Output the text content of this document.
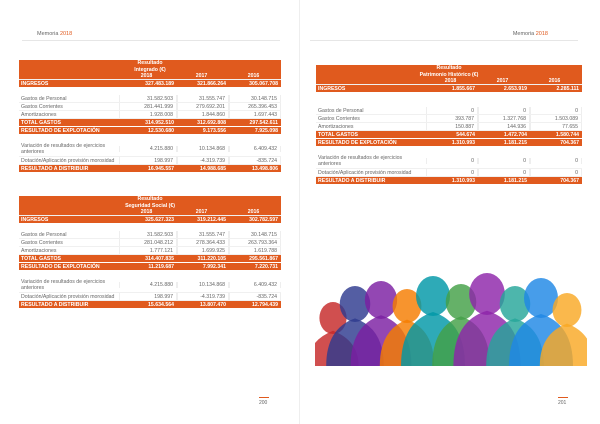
Memoria 2018
Resultado
Integrado (€)
2018	2017	2016
INGRESOS	327.483.189	321.866.264	305.067.708
Gastos de Personal	31.582.503	31.555.747	30.148.715
Gastos Corrientes	281.441.999	279.692.201	265.396.453
Amortizaciones	1.928.008	1.844.860	1.697.443
TOTAL GASTOS	314.952.510	312.692.808	297.542.611
RESULTADO DE EXPLOTACIÓN	12.530.680	9.173.556	7.925.098
Variación de resultados de ejercicios anteriores	4.215.880	10.134.868	6.409.432
Dotación/Aplicación provisión morosidad	198.997	-4.319.739	-835.724
RESULTADO A DISTRIBUIR	16.945.557	14.988.685	13.498.806
Resultado
Seguridad Social (€)
2018	2017	2016
INGRESOS	325.627.323	319.212.445	302.782.597
Gastos de Personal	31.582.503	31.555.747	30.148.715
Gastos Corrientes	281.048.212	278.364.433	263.793.364
Amortizaciones	1.777.121	1.699.925	1.619.788
TOTAL GASTOS	314.407.835	311.220.105	295.561.867
RESULTADO DE EXPLOTACIÓN	11.219.687	7.992.341	7.220.731
Variación de resultados de ejercicios anteriores	4.215.880	10.134.868	6.409.432
Dotación/Aplicación provisión morosidad	198.997	-4.319.739	-835.724
RESULTADO A DISTRIBUIR	15.634.564	13.807.470	12.794.439
200
Memoria 2018
201
Resultado
Patrimonio Histórico (€)
2018	2017	2016
INGRESOS	1.855.667	2.653.919	2.285.111
Gastos de Personal	0	0	0
Gastos Corrientes	393.787	1.327.768	1.503.089
Amortizaciones	150.887	144.936	77.655
TOTAL GASTOS	544.674	1.472.704	1.580.744
RESULTADO DE EXPLOTACIÓN	1.310.993	1.181.215	704.367
Variación de resultados de ejercicios anteriores	0	0	0
Dotación/Aplicación provisión morosidad	0	0	0
RESULTADO A DISTRIBUIR	1.310.993	1.181.215	704.367
